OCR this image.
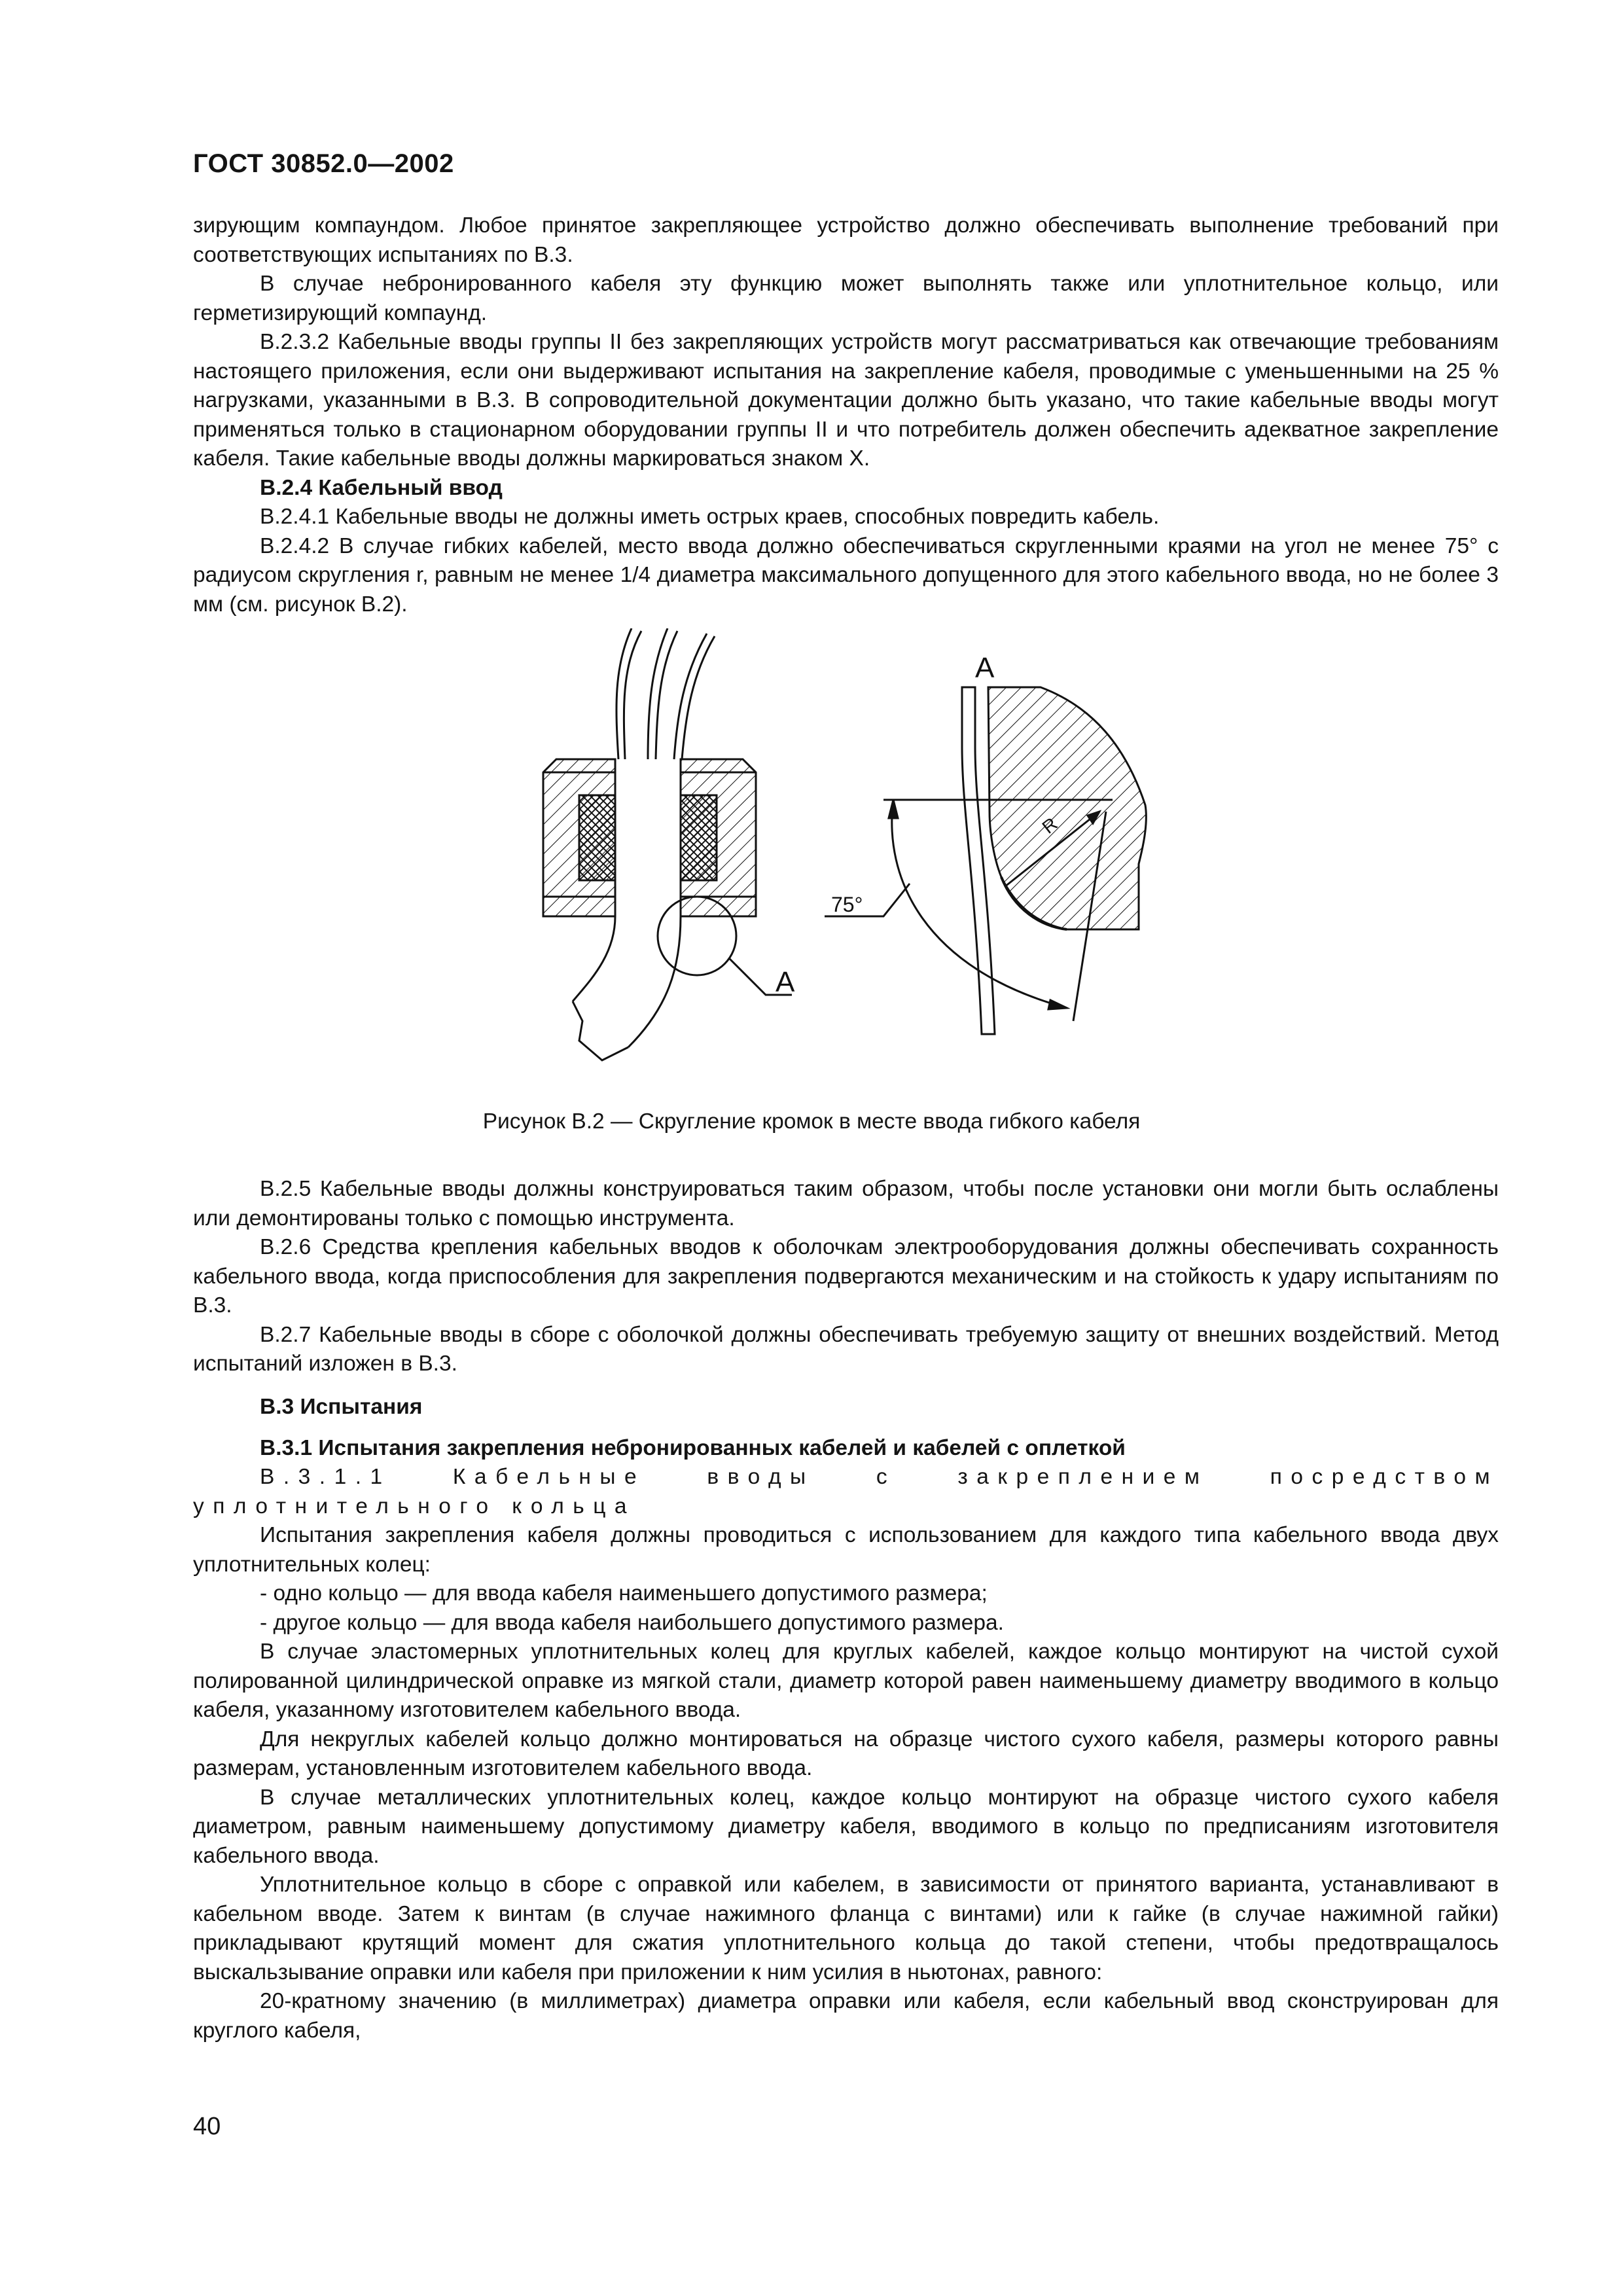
ГОСТ 30852.0—2002

зирующим компаундом. Любое принятое закрепляющее устройство должно обеспечивать выполнение требований при соответствующих испытаниях по В.3.

В случае небронированного кабеля эту функцию может выполнять также или уплотнительное кольцо, или герметизирующий компаунд.

В.2.3.2 Кабельные вводы группы II без закрепляющих устройств могут рассматриваться как отвечающие требованиям настоящего приложения, если они выдерживают испытания на закрепление кабеля, проводимые с уменьшенными на 25 % нагрузками, указанными в В.3. В сопроводительной документации должно быть указано, что такие кабельные вводы могут применяться только в стационарном оборудовании группы II и что потребитель должен обеспечить адекватное закрепление кабеля. Такие кабельные вводы должны маркироваться знаком X.

В.2.4 Кабельный ввод

В.2.4.1 Кабельные вводы не должны иметь острых краев, способных повредить кабель.

В.2.4.2 В случае гибких кабелей, место ввода должно обеспечиваться скругленными краями на угол не менее 75° с радиусом скругления r, равным не менее 1/4 диаметра максимального допущенного для этого кабельного ввода, но не более 3 мм (см. рисунок В.2).

A
A
75°
R
Рисунок В.2 — Скругление кромок в месте ввода гибкого кабеля

В.2.5 Кабельные вводы должны конструироваться таким образом, чтобы после установки они могли быть ослаблены или демонтированы только с помощью инструмента.

В.2.6 Средства крепления кабельных вводов к оболочкам электрооборудования должны обеспечивать сохранность кабельного ввода, когда приспособления для закрепления подвергаются механическим и на стойкость к удару испытаниям по В.3.

В.2.7 Кабельные вводы в сборе с оболочкой должны обеспечивать требуемую защиту от внешних воздействий. Метод испытаний изложен в В.3.

В.3 Испытания

В.3.1 Испытания закрепления небронированных кабелей и кабелей с оплеткой

В.3.1.1 Кабельные вводы с закреплением посредством уплотнительного кольца

Испытания закрепления кабеля должны проводиться с использованием для каждого типа кабельного ввода двух уплотнительных колец:

- одно кольцо — для ввода кабеля наименьшего допустимого размера;

- другое кольцо — для ввода кабеля наибольшего допустимого размера.

В случае эластомерных уплотнительных колец для круглых кабелей, каждое кольцо монтируют на чистой сухой полированной цилиндрической оправке из мягкой стали, диаметр которой равен наименьшему диаметру вводимого в кольцо кабеля, указанному изготовителем кабельного ввода.

Для некруглых кабелей кольцо должно монтироваться на образце чистого сухого кабеля, размеры которого равны размерам, установленным изготовителем кабельного ввода.

В случае металлических уплотнительных колец, каждое кольцо монтируют на образце чистого сухого кабеля диаметром, равным наименьшему допустимому диаметру кабеля, вводимого в кольцо по предписаниям изготовителя кабельного ввода.

Уплотнительное кольцо в сборе с оправкой или кабелем, в зависимости от принятого варианта, устанавливают в кабельном вводе. Затем к винтам (в случае нажимного фланца с винтами) или к гайке (в случае нажимной гайки) прикладывают крутящий момент для сжатия уплотнительного кольца до такой степени, чтобы предотвращалось выскальзывание оправки или кабеля при приложении к ним усилия в ньютонах, равного:

20-кратному значению (в миллиметрах) диаметра оправки или кабеля, если кабельный ввод сконструирован для круглого кабеля,

40
